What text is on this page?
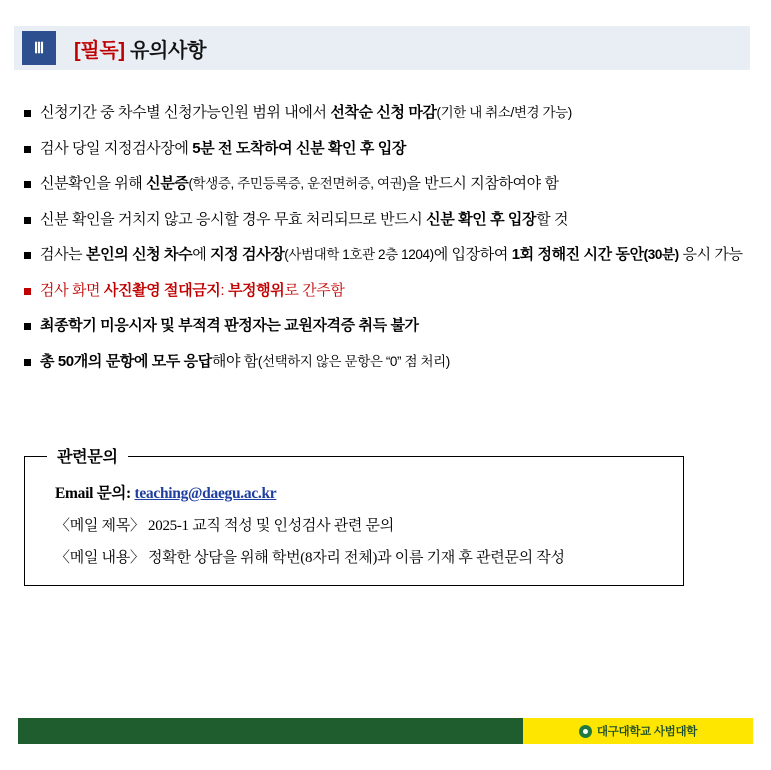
Ⅲ	[필독] 유의사항
신청기간 중 차수별 신청가능인원 범위 내에서 선착순 신청 마감(기한 내 취소/변경 가능)
검사 당일 지정검사장에 5분 전 도착하여 신분 확인 후 입장
신분확인을 위해 신분증(학생증, 주민등록증, 운전면허증, 여권)을 반드시 지참하여야 함
신분 확인을 거치지 않고 응시할 경우 무효 처리되므로 반드시 신분 확인 후 입장할 것
검사는 본인의 신청 차수에 지정 검사장(사범대학 1호관 2층 1204)에 입장하여 1회 정해진 시간 동안(30분) 응시 가능
검사 화면 사진촬영 절대금지: 부정행위로 간주함
최종학기 미응시자 및 부적격 판정자는 교원자격증 취득 불가
총 50개의 문항에 모두 응답해야 함(선택하지 않은 문항은 “0” 점 처리)
관련문의
Email 문의: teaching@daegu.ac.kr
〈메일 제목〉 2025-1 교직 적성 및 인성검사 관련 문의
〈메일 내용〉 정확한 상담을 위해 학번(8자리 전체)과 이름 기재 후 관련문의 작성
대구대학교 사범대학
